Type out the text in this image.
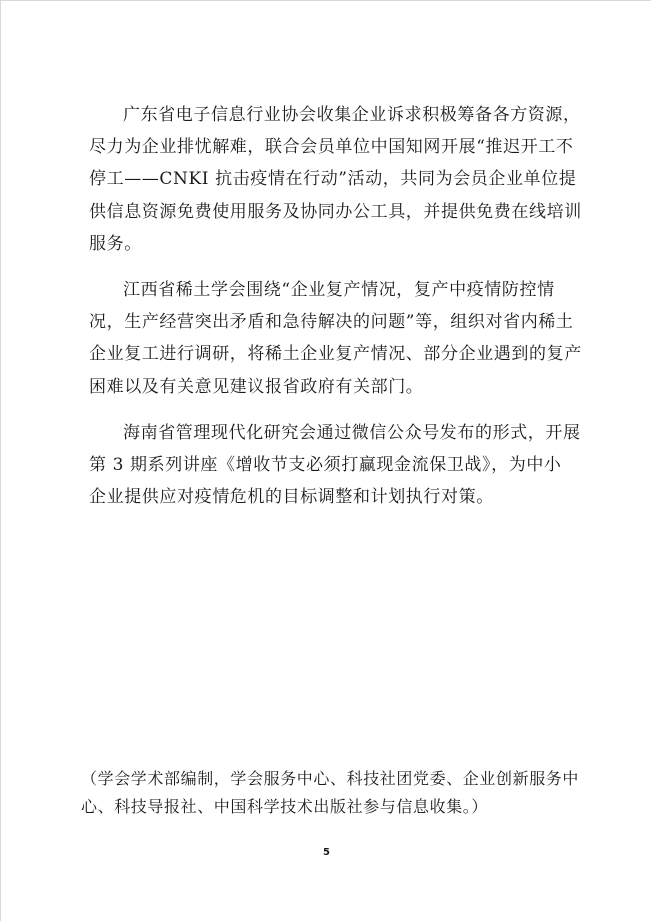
广东省电子信息行业协会收集企业诉求积极筹备各方资源，
尽力为企业排忧解难，联合会员单位中国知网开展“推迟开工不
停工——CNKI 抗击疫情在行动”活动，共同为会员企业单位提
供信息资源免费使用服务及协同办公工具，并提供免费在线培训
服务。

江西省稀土学会围绕“企业复产情况，复产中疫情防控情
况，生产经营突出矛盾和急待解决的问题”等，组织对省内稀土
企业复工进行调研，将稀土企业复产情况、部分企业遇到的复产
困难以及有关意见建议报省政府有关部门。

海南省管理现代化研究会通过微信公众号发布的形式，开展
第 3 期系列讲座《增收节支必须打赢现金流保卫战》，为中小
企业提供应对疫情危机的目标调整和计划执行对策。

（学会学术部编制，学会服务中心、科技社团党委、企业创新服务中
心、科技导报社、中国科学技术出版社参与信息收集。）
5
